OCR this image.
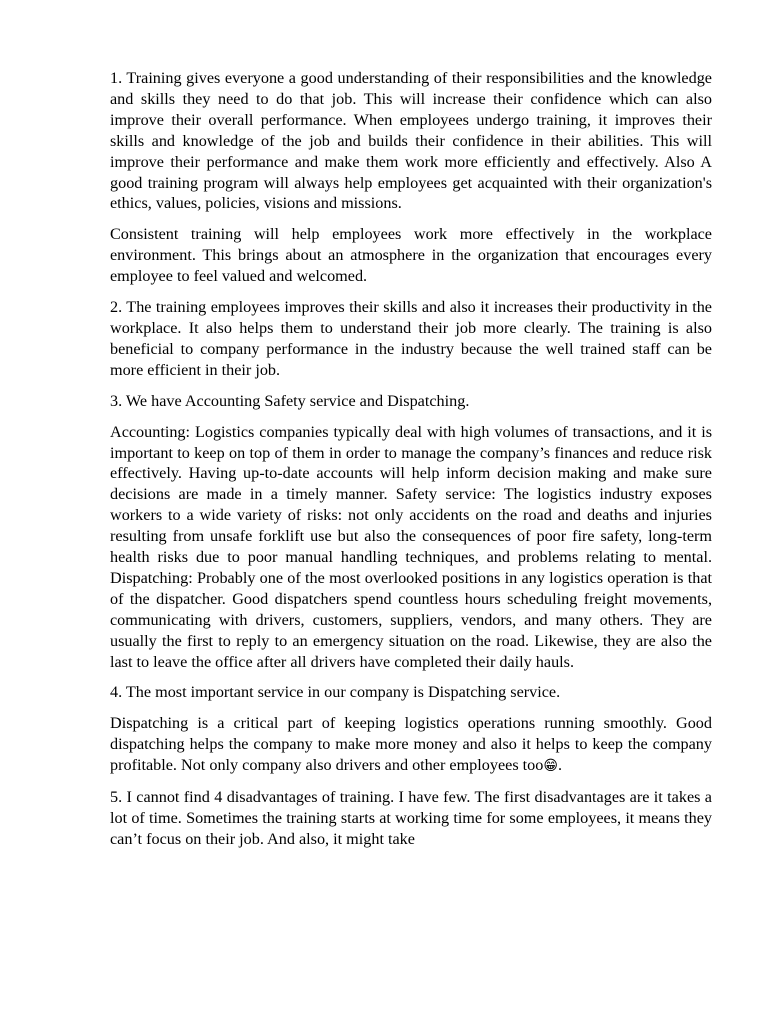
1. Training gives everyone a good understanding of their responsibilities and the knowledge and skills they need to do that job. This will increase their confidence which can also improve their overall performance. When employees undergo training, it improves their skills and knowledge of the job and builds their confidence in their abilities. This will improve their performance and make them work more efficiently and effectively. Also A good training program will always help employees get acquainted with their organization's ethics, values, policies, visions and missions.

Consistent training will help employees work more effectively in the workplace environment. This brings about an atmosphere in the organization that encourages every employee to feel valued and welcomed.

2. The training employees improves their skills and also it increases their productivity in the workplace. It also helps them to understand their job more clearly. The training is also beneficial to company performance in the industry because the well trained staff can be more efficient in their job.

3. We have Accounting Safety service and Dispatching.

Accounting: Logistics companies typically deal with high volumes of transactions, and it is important to keep on top of them in order to manage the company’s finances and reduce risk effectively. Having up-to-date accounts will help inform decision making and make sure decisions are made in a timely manner. Safety service: The logistics industry exposes workers to a wide variety of risks: not only accidents on the road and deaths and injuries resulting from unsafe forklift use but also the consequences of poor fire safety, long-term health risks due to poor manual handling techniques, and problems relating to mental. Dispatching: Probably one of the most overlooked positions in any logistics operation is that of the dispatcher. Good dispatchers spend countless hours scheduling freight movements, communicating with drivers, customers, suppliers, vendors, and many others. They are usually the first to reply to an emergency situation on the road. Likewise, they are also the last to leave the office after all drivers have completed their daily hauls.

4. The most important service in our company is Dispatching service.

Dispatching is a critical part of keeping logistics operations running smoothly. Good dispatching helps the company to make more money and also it helps to keep the company profitable. Not only company also drivers and other employees too😁.

5. I cannot find 4 disadvantages of training. I have few. The first disadvantages are it takes a lot of time. Sometimes the training starts at working time for some employees, it means they can’t focus on their job. And also, it might take
